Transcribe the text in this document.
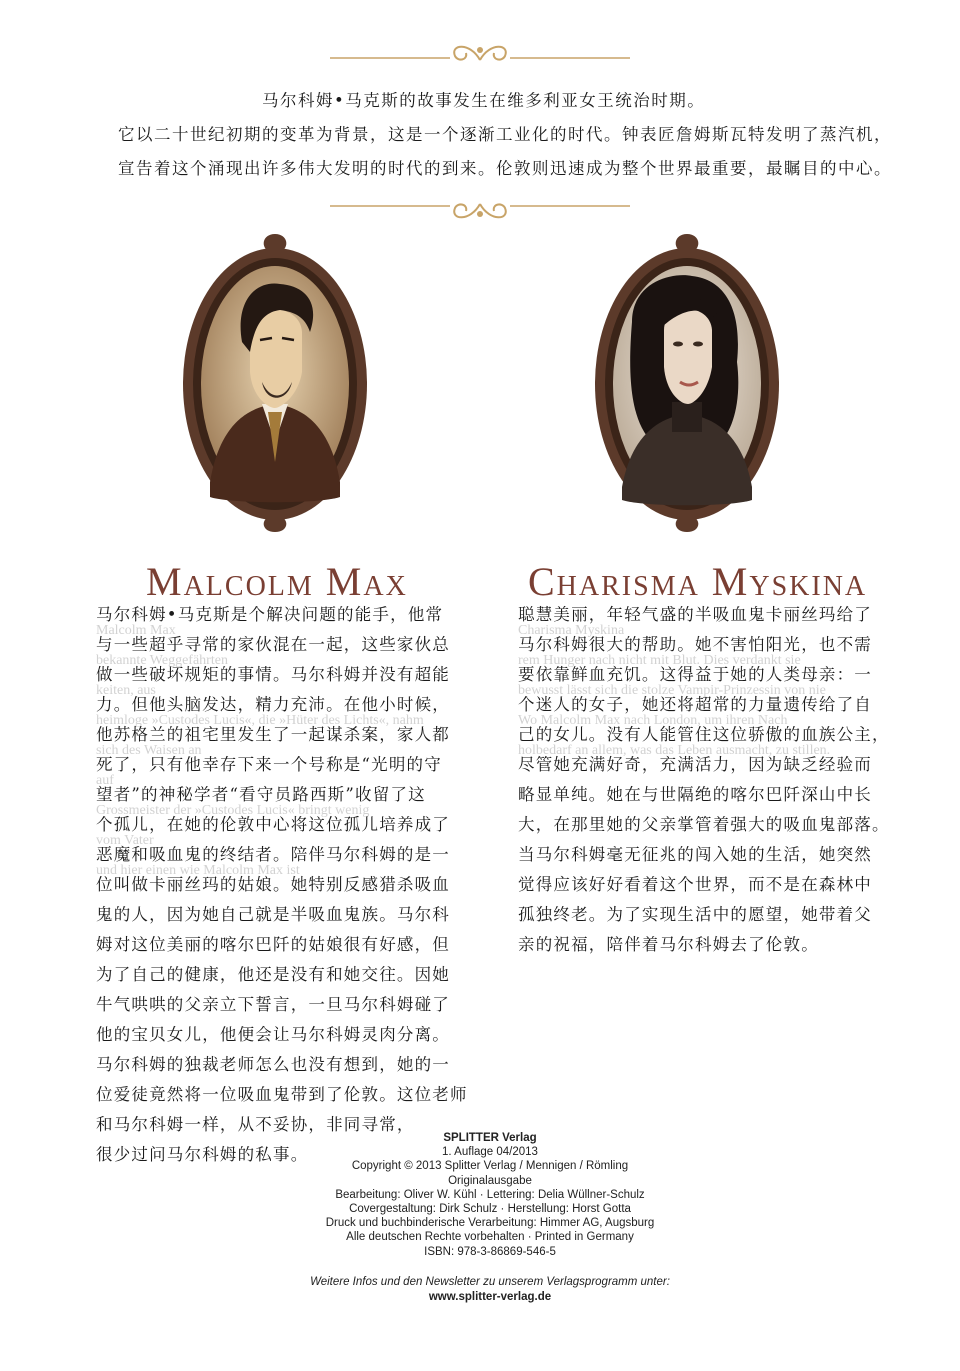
马尔科姆•马克斯的故事发生在维多利亚女王统治时期。

它以二十世纪初期的变革为背景，这是一个逐渐工业化的时代。钟表匠詹姆斯瓦特发明了蒸汽机，

宣告着这个涌现出许多伟大发明的时代的到来。伦敦则迅速成为整个世界最重要，最瞩目的中心。

Malcolm Max	Charisma Myskina

Malcolm Max

bekannte Weggefährten

keiten, aus

heimloge »Custodes Lucis«, die »Hüter des Lichts«, nahm

sich des Waisen an

auf

Grossmeister der »Custodes Lucis« bringt wenig

vom Vater

und hier einen wie Malcolm Max ist

Charisma Myskina

rem Hunger nach nicht mit Blut. Dies verdankt sie

bewusst lässt sich die stolze Vampir-Prinzessin von nie

Wo Malcolm Max nach London, um ihren Nach

holbedarf an allem, was das Leben ausmacht, zu stillen.

马尔科姆•马克斯是个解决问题的能手，他常

与一些超乎寻常的家伙混在一起，这些家伙总

做一些破坏规矩的事情。马尔科姆并没有超能

力。但他头脑发达，精力充沛。在他小时候，

他苏格兰的祖宅里发生了一起谋杀案，家人都

死了，只有他幸存下来一个号称是“光明的守

望者”的神秘学者“看守员路西斯”收留了这

个孤儿，在她的伦敦中心将这位孤儿培养成了

恶魔和吸血鬼的终结者。陪伴马尔科姆的是一

位叫做卡丽丝玛的姑娘。她特别反感猎杀吸血

鬼的人，因为她自己就是半吸血鬼族。马尔科

姆对这位美丽的喀尔巴阡的姑娘很有好感，但

为了自己的健康，他还是没有和她交往。因她

牛气哄哄的父亲立下誓言，一旦马尔科姆碰了

他的宝贝女儿，他便会让马尔科姆灵肉分离。

马尔科姆的独裁老师怎么也没有想到，她的一

位爱徒竟然将一位吸血鬼带到了伦敦。这位老师

和马尔科姆一样，从不妥协，非同寻常，

很少过问马尔科姆的私事。

聪慧美丽，年轻气盛的半吸血鬼卡丽丝玛给了

马尔科姆很大的帮助。她不害怕阳光，也不需

要依靠鲜血充饥。这得益于她的人类母亲：一

个迷人的女子，她还将超常的力量遗传给了自

己的女儿。没有人能管住这位骄傲的血族公主，

尽管她充满好奇，充满活力，因为缺乏经验而

略显单纯。她在与世隔绝的喀尔巴阡深山中长

大，在那里她的父亲掌管着强大的吸血鬼部落。

当马尔科姆毫无征兆的闯入她的生活，她突然

觉得应该好好看着这个世界，而不是在森林中

孤独终老。为了实现生活中的愿望，她带着父

亲的祝福，陪伴着马尔科姆去了伦敦。

SPLITTER Verlag
1. Auflage 04/2013
Copyright © 2013 Splitter Verlag / Mennigen / Römling
Originalausgabe
Bearbeitung: Oliver W. Kühl · Lettering: Delia Wüllner-Schulz
Covergestaltung: Dirk Schulz · Herstellung: Horst Gotta
Druck und buchbinderische Verarbeitung: Himmer AG, Augsburg
Alle deutschen Rechte vorbehalten · Printed in Germany
ISBN: 978-3-86869-546-5
Weitere Infos und den Newsletter zu unserem Verlagsprogramm unter:
www.splitter-verlag.de
